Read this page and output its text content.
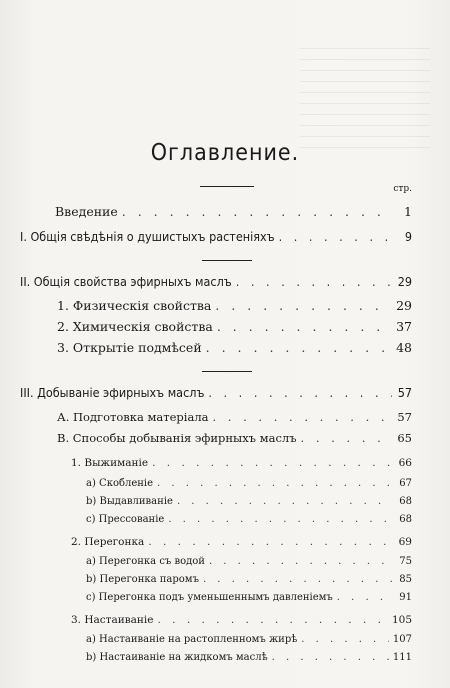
Оглавление.
стр.
Введение . . .	1
I. Общія свѣдѣнія о душистыхъ растеніяхъ . . .	9
II. Общія свойства эфирныхъ маслъ . . .	29
1. Физическія свойства . . .	29
2. Химическія свойства . . .	37
3. Открытіе подмѣсей . . .	48
III. Добываніе эфирныхъ маслъ . . .	57
А. Подготовка матеріала . . .	57
В. Способы добыванія эфирныхъ маслъ . . .	65
1. Выжиманіе . . .	66
a) Скобленіе . . .	67
b) Выдавливаніе . . .	68
c) Прессованіе . . .	68
2. Перегонка . . .	69
a) Перегонка съ водой . . .	75
b) Перегонка паромъ . . .	85
c) Перегонка подъ уменьшеннымъ давленіемъ . . .	91
3. Настаиваніе . . .	105
a) Настаиваніе на растопленномъ жирѣ . . .	107
b) Настаиваніе на жидкомъ маслѣ . . .	111
